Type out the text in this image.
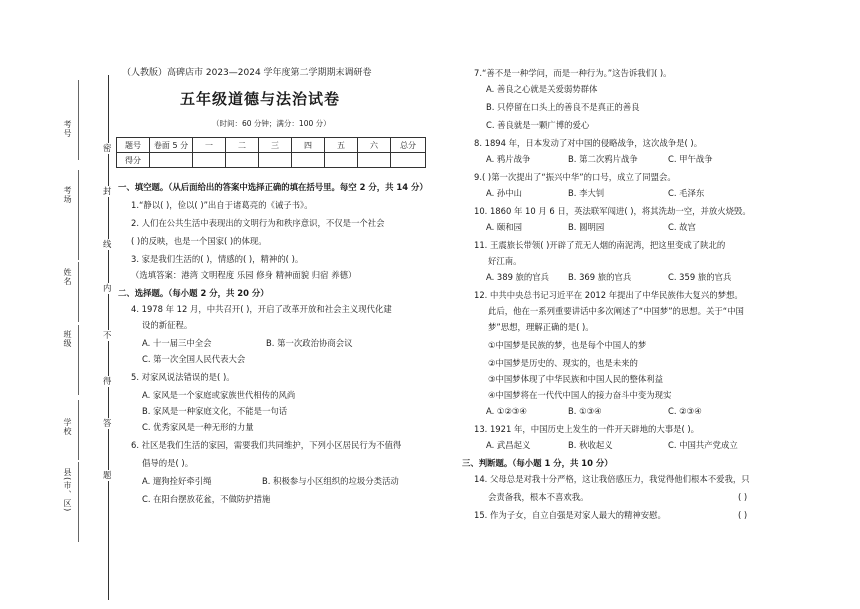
考号
考场
姓名
班级
学校
县(市、区)
密
封
线
内
不
得
答
题
（人教版）高碑店市 2023—2024 学年度第二学期期末调研卷
五年级道德与法治试卷
（时间：60 分钟；满分：100 分）
题号	卷面 5 分	一	二	三	四	五	六	总分
得分								
一、填空题。（从后面给出的答案中选择正确的填在括号里。每空 2 分，共 14 分）
1.“静以( )，俭以( )”出自于诸葛亮的《诫子书》。
2. 人们在公共生活中表现出的文明行为和秩序意识，不仅是一个社会
( )的反映，也是一个国家( )的体现。
3. 家是我们生活的( )，情感的( )，精神的( )。
（选填答案：港湾 文明程度 乐园 修身 精神面貌 归宿 养德）
二、选择题。（每小题 2 分，共 20 分）
4. 1978 年 12 月，中共召开( )，开启了改革开放和社会主义现代化建
设的新征程。
A. 十一届三中全会	B. 第一次政治协商会议
C. 第一次全国人民代表大会
5. 对家风说法错误的是( )。
A. 家风是一个家庭或家族世代相传的风尚
B. 家风是一种家庭文化，不能是一句话
C. 优秀家风是一种无形的力量
6. 社区是我们生活的家园，需要我们共同维护，下列小区居民行为不值得
倡导的是( )。
A. 遛狗拴好牵引绳	B. 积极参与小区组织的垃圾分类活动
C. 在阳台摆放花盆，不做防护措施
7.“善不是一种学问，而是一种行为。”这告诉我们( )。
A. 善良之心就是关爱弱势群体
B. 只停留在口头上的善良不是真正的善良
C. 善良就是一颗广博的爱心
8. 1894 年，日本发动了对中国的侵略战争，这次战争是( )。
A. 鸦片战争	B. 第二次鸦片战争	C. 甲午战争
9.( )第一次提出了“振兴中华”的口号，成立了同盟会。
A. 孙中山	B. 李大钊	C. 毛泽东
10. 1860 年 10 月 6 日，英法联军闯进( )，将其洗劫一空，并放火烧毁。
A. 颐和园	B. 圆明园	C. 故宫
11. 王震旅长带领( )开辟了荒无人烟的南泥湾，把这里变成了陕北的
好江南。
A. 389 旅的官兵 B. 369 旅的官兵	C. 359 旅的官兵
12. 中共中央总书记习近平在 2012 年提出了中华民族伟大复兴的梦想。
此后，他在一系列重要讲话中多次阐述了“中国梦”的思想。关于“中国
梦”思想，理解正确的是( )。
①中国梦是民族的梦，也是每个中国人的梦
②中国梦是历史的、现实的，也是未来的
③中国梦体现了中华民族和中国人民的整体利益
④中国梦将在一代代中国人的接力奋斗中变为现实
A. ①②③④	B. ①③④	C. ②③④
13. 1921 年，中国历史上发生的一件开天辟地的大事是( )。
A. 武昌起义	B. 秋收起义	C. 中国共产党成立
三、判断题。（每小题 1 分，共 10 分）
14. 父母总是对我十分严格，这让我倍感压力，我觉得他们根本不爱我，只
会责备我，根本不喜欢我。	( )
15. 作为子女，自立自强是对家人最大的精神安慰。	( )
